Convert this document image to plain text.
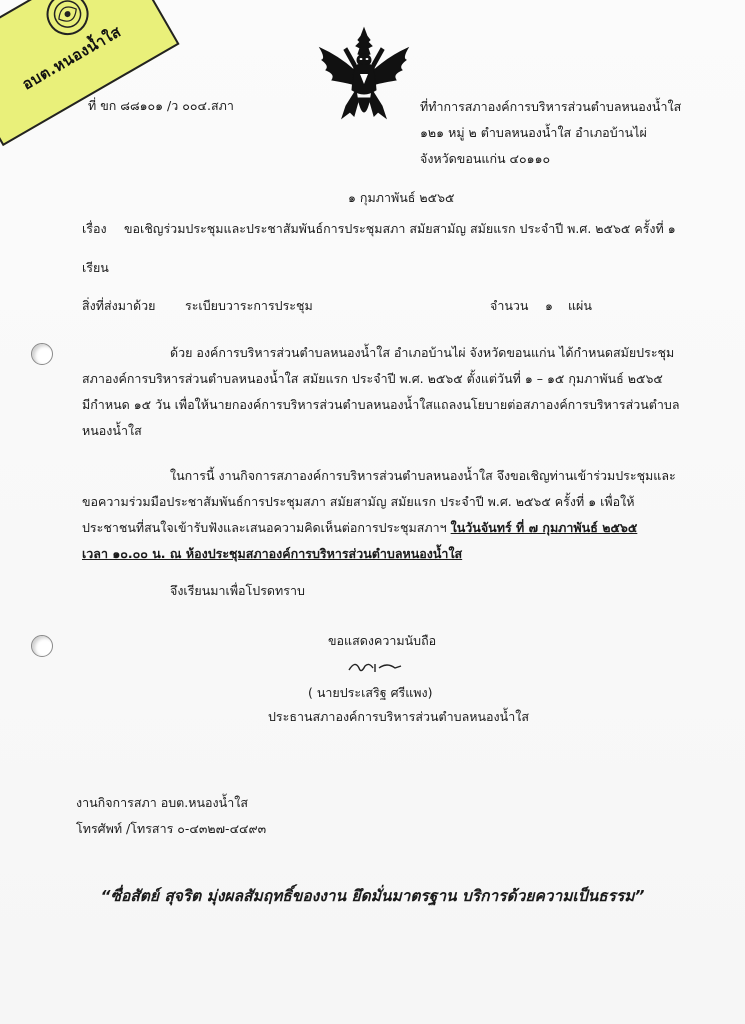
อบต.หนองน้ำใส
ที่ ขก ๘๘๑๐๑ /ว ๐๐๔.สภา	ที่ทำการสภาองค์การบริหารส่วนตำบลหนองน้ำใส
๑๒๑ หมู่ ๒ ตำบลหนองน้ำใส อำเภอบ้านไผ่
จังหวัดขอนแก่น ๔๐๑๑๐
๑ กุมภาพันธ์ ๒๕๖๕
เรื่อง ขอเชิญร่วมประชุมและประชาสัมพันธ์การประชุมสภา สมัยสามัญ สมัยแรก ประจำปี พ.ศ. ๒๕๖๕ ครั้งที่ ๑
เรียน
สิ่งที่ส่งมาด้วย ระเบียบวาระการประชุม	จำนวน ๑ แผ่น
ด้วย องค์การบริหารส่วนตำบลหนองน้ำใส อำเภอบ้านไผ่ จังหวัดขอนแก่น ได้กำหนดสมัยประชุม
สภาองค์การบริหารส่วนตำบลหนองน้ำใส สมัยแรก ประจำปี พ.ศ. ๒๕๖๕ ตั้งแต่วันที่ ๑ – ๑๕ กุมภาพันธ์ ๒๕๖๕
มีกำหนด ๑๕ วัน เพื่อให้นายกองค์การบริหารส่วนตำบลหนองน้ำใสแถลงนโยบายต่อสภาองค์การบริหารส่วนตำบล
หนองน้ำใส
ในการนี้ งานกิจการสภาองค์การบริหารส่วนตำบลหนองน้ำใส จึงขอเชิญท่านเข้าร่วมประชุมและ
ขอความร่วมมือประชาสัมพันธ์การประชุมสภา สมัยสามัญ สมัยแรก ประจำปี พ.ศ. ๒๕๖๕ ครั้งที่ ๑ เพื่อให้
ประชาชนที่สนใจเข้ารับฟังและเสนอความคิดเห็นต่อการประชุมสภาฯ ในวันจันทร์ ที่ ๗ กุมภาพันธ์ ๒๕๖๕
เวลา ๑๐.๐๐ น. ณ ห้องประชุมสภาองค์การบริหารส่วนตำบลหนองน้ำใส
จึงเรียนมาเพื่อโปรดทราบ
ขอแสดงความนับถือ
( นายประเสริฐ ศรีแพง)
ประธานสภาองค์การบริหารส่วนตำบลหนองน้ำใส
งานกิจการสภา อบต.หนองน้ำใส
โทรศัพท์ /โทรสาร ๐-๔๓๒๗-๔๔๙๓
“ซื่อสัตย์ สุจริต มุ่งผลสัมฤทธิ์ของงาน ยึดมั่นมาตรฐาน บริการด้วยความเป็นธรรม”
